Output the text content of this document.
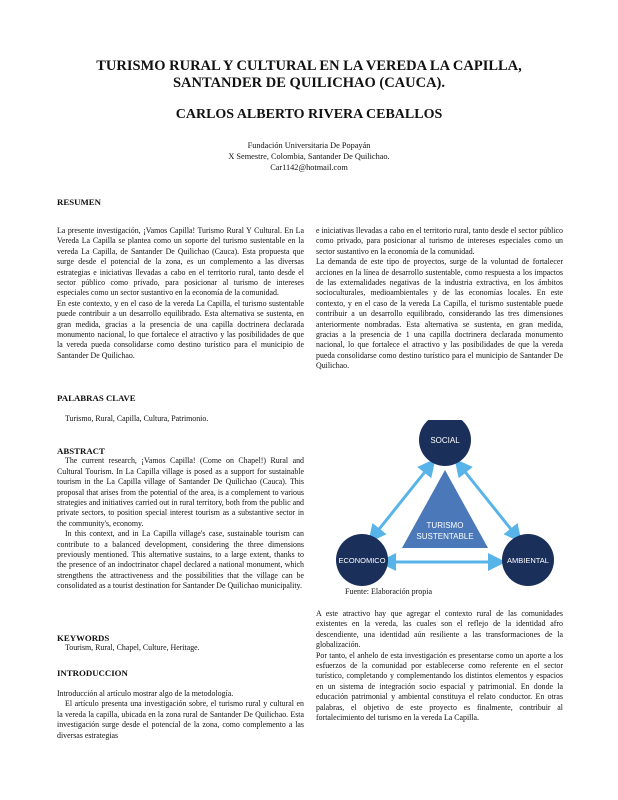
TURISMO RURAL Y CULTURAL EN LA VEREDA LA CAPILLA,
SANTANDER DE QUILICHAO (CAUCA).
CARLOS ALBERTO RIVERA CEBALLOS
Fundación Universitaria De Popayán
X Semestre, Colombia, Santander De Quilichao.
Car1142@hotmail.com

RESUMEN

La presente investigación, ¡Vamos Capilla! Turismo Rural Y Cultural. En La Vereda La Capilla se plantea como un soporte del turismo sustentable en la vereda La Capilla, de Santander De Quilichao (Cauca). Esta propuesta que surge desde el potencial de la zona, es un complemento a las diversas estrategias e iniciativas llevadas a cabo en el territorio rural, tanto desde el sector público como privado, para posicionar al turismo de intereses especiales como un sector sustantivo en la economía de la comunidad.

En este contexto, y en el caso de la vereda La Capilla, el turismo sustentable puede contribuir a un desarrollo equilibrado. Esta alternativa se sustenta, en gran medida, gracias a la presencia de una capilla doctrinera declarada monumento nacional, lo que fortalece el atractivo y las posibilidades de que la vereda pueda consolidarse como destino turístico para el municipio de Santander De Quilichao.

PALABRAS CLAVE

Turismo, Rural, Capilla, Cultura, Patrimonio.

ABSTRACT

The current research, ¡Vamos Capilla! (Come on Chapel!) Rural and Cultural Tourism. In La Capilla village is posed as a support for sustainable tourism in the La Capilla village of Santander De Quilichao (Cauca). This proposal that arises from the potential of the area, is a complement to various strategies and initiatives carried out in rural territory, both from the public and private sectors, to position special interest tourism as a substantive sector in the community's, economy.

In this context, and in La Capilla village's case, sustainable tourism can contribute to a balanced development, considering the three dimensions previously mentioned. This alternative sustains, to a large extent, thanks to the presence of an indoctrinator chapel declared a national monument, which strengthens the attractiveness and the possibilities that the village can be consolidated as a tourist destination for Santander De Quilichao municipality.

KEYWORDS

Tourism, Rural, Chapel, Culture, Heritage.

INTRODUCCION

Introducción al artículo mostrar algo de la metodología.

El artículo presenta una investigación sobre, el turismo rural y cultural en la vereda la capilla, ubicada en la zona rural de Santander De Quilichao. Esta investigación surge desde el potencial de la zona, como complemento a las diversas estrategias

e iniciativas llevadas a cabo en el territorio rural, tanto desde el sector público como privado, para posicionar al turismo de intereses especiales como un sector sustantivo en la economía de la comunidad.

La demanda de este tipo de proyectos, surge de la voluntad de fortalecer acciones en la línea de desarrollo sustentable, como respuesta a los impactos de las externalidades negativas de la industria extractiva, en los ámbitos socioculturales, medioambientales y de las economías locales. En este contexto, y en el caso de la vereda La Capilla, el turismo sustentable puede contribuir a un desarrollo equilibrado, considerando las tres dimensiones anteriormente nombradas. Esta alternativa se sustenta, en gran medida, gracias a la presencia de 1 una capilla doctrinera declarada monumento nacional, lo que fortalece el atractivo y las posibilidades de que la vereda pueda consolidarse como destino turístico para el municipio de Santander De Quilichao.

TURISMO
SUSTENTABLE
SOCIAL
ECONOMICO	AMBIENTAL

Fuente: Elaboración propia

A este atractivo hay que agregar el contexto rural de las comunidades existentes en la vereda, las cuales son el reflejo de la identidad afro descendiente, una identidad aún resiliente a las transformaciones de la globalización.

Por tanto, el anhelo de esta investigación es presentarse como un aporte a los esfuerzos de la comunidad por establecerse como referente en el sector turístico, completando y complementando los distintos elementos y espacios en un sistema de integración socio espacial y patrimonial. En donde la educación patrimonial y ambiental constituya el relato conductor. En otras palabras, el objetivo de este proyecto es finalmente, contribuir al fortalecimiento del turismo en la vereda La Capilla.
